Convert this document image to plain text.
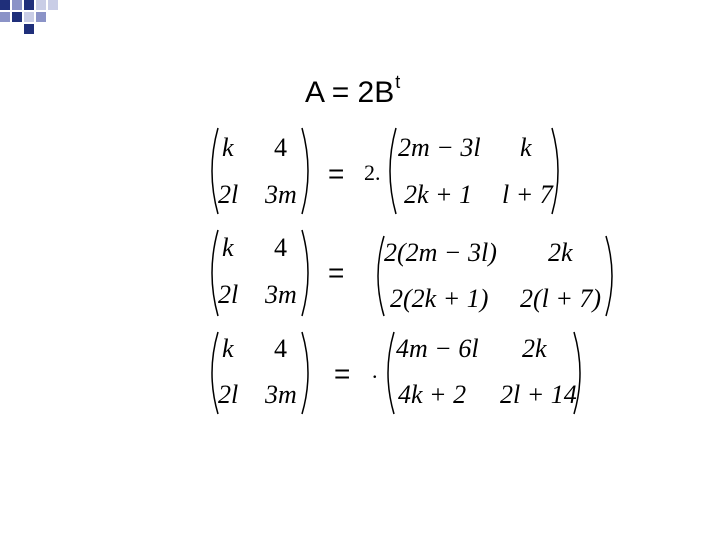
$A = 2B^t$
k 4
2l 3m
= 2.
2m − 3l k
2k + 1 l + 7
k 4
2l 3m
=
2(2m − 3l) 2k
2(2k + 1) 2(l + 7)
k 4
2l 3m
= .
4m − 6l 2k
4k + 2 2l + 14
